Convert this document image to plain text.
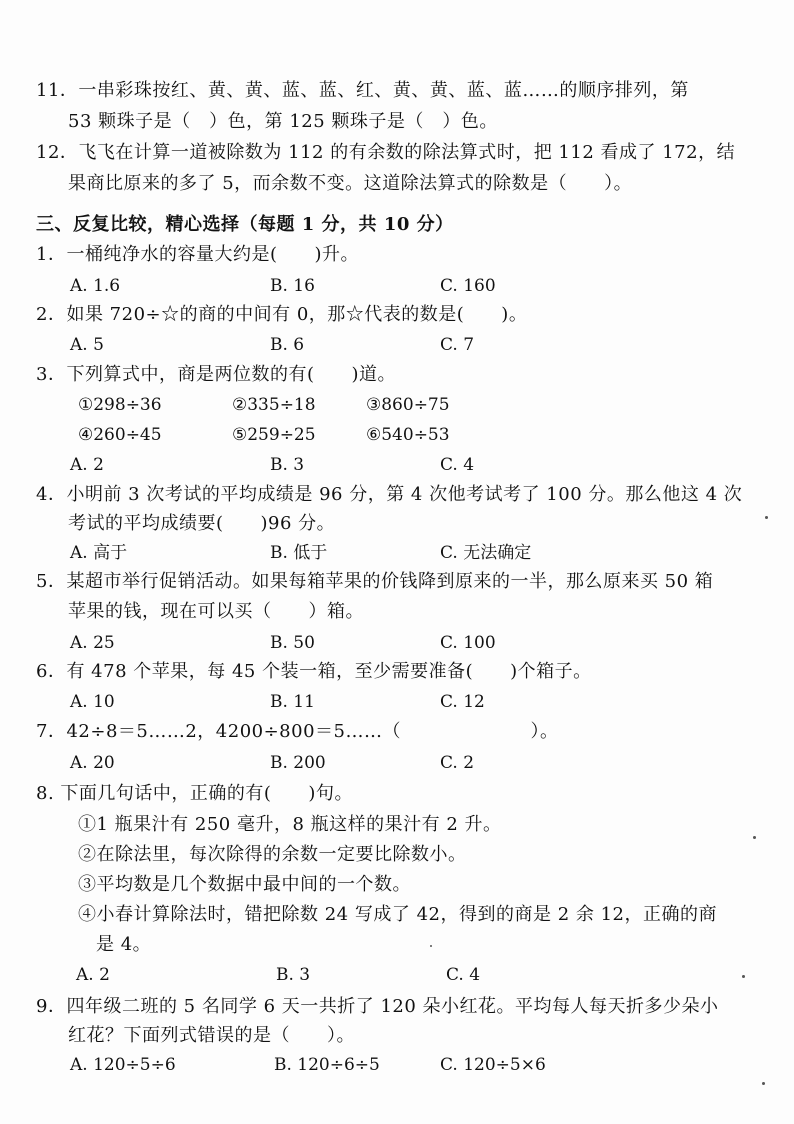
11．一串彩珠按红、黄、黄、蓝、蓝、红、黄、黄、蓝、蓝……的顺序排列，第
53 颗珠子是（　）色，第 125 颗珠子是（　）色。
12．飞飞在计算一道被除数为 112 的有余数的除法算式时，把 112 看成了 172，结
果商比原来的多了 5，而余数不变。这道除法算式的除数是（　　）。
三、反复比较，精心选择（每题 1 分，共 10 分）
1．一桶纯净水的容量大约是(　　)升。
A. 1.6	B. 16	C. 160
2．如果 720÷☆的商的中间有 0，那☆代表的数是(　　)。
A. 5	B. 6	C. 7
3．下列算式中，商是两位数的有(　　)道。
①298÷36	②335÷18	③860÷75
④260÷45	⑤259÷25	⑥540÷53
A. 2	B. 3	C. 4
4．小明前 3 次考试的平均成绩是 96 分，第 4 次他考试考了 100 分。那么他这 4 次
考试的平均成绩要(　　)96 分。
A. 高于	B. 低于	C. 无法确定
5．某超市举行促销活动。如果每箱苹果的价钱降到原来的一半，那么原来买 50 箱
苹果的钱，现在可以买（　　）箱。
A. 25	B. 50	C. 100
6．有 478 个苹果，每 45 个装一箱，至少需要准备(　　)个箱子。
A. 10	B. 11	C. 12
7．42÷8＝5……2，4200÷800＝5……（　　　　　　　）。
A. 20	B. 200	C. 2
8. 下面几句话中，正确的有(　　)句。
①1 瓶果汁有 250 毫升，8 瓶这样的果汁有 2 升。
②在除法里，每次除得的余数一定要比除数小。
③平均数是几个数据中最中间的一个数。
④小春计算除法时，错把除数 24 写成了 42，得到的商是 2 余 12，正确的商
是 4。
A. 2	B. 3	C. 4
9．四年级二班的 5 名同学 6 天一共折了 120 朵小红花。平均每人每天折多少朵小
红花？下面列式错误的是（　　）。
A. 120÷5÷6	B. 120÷6÷5	C. 120÷5×6
